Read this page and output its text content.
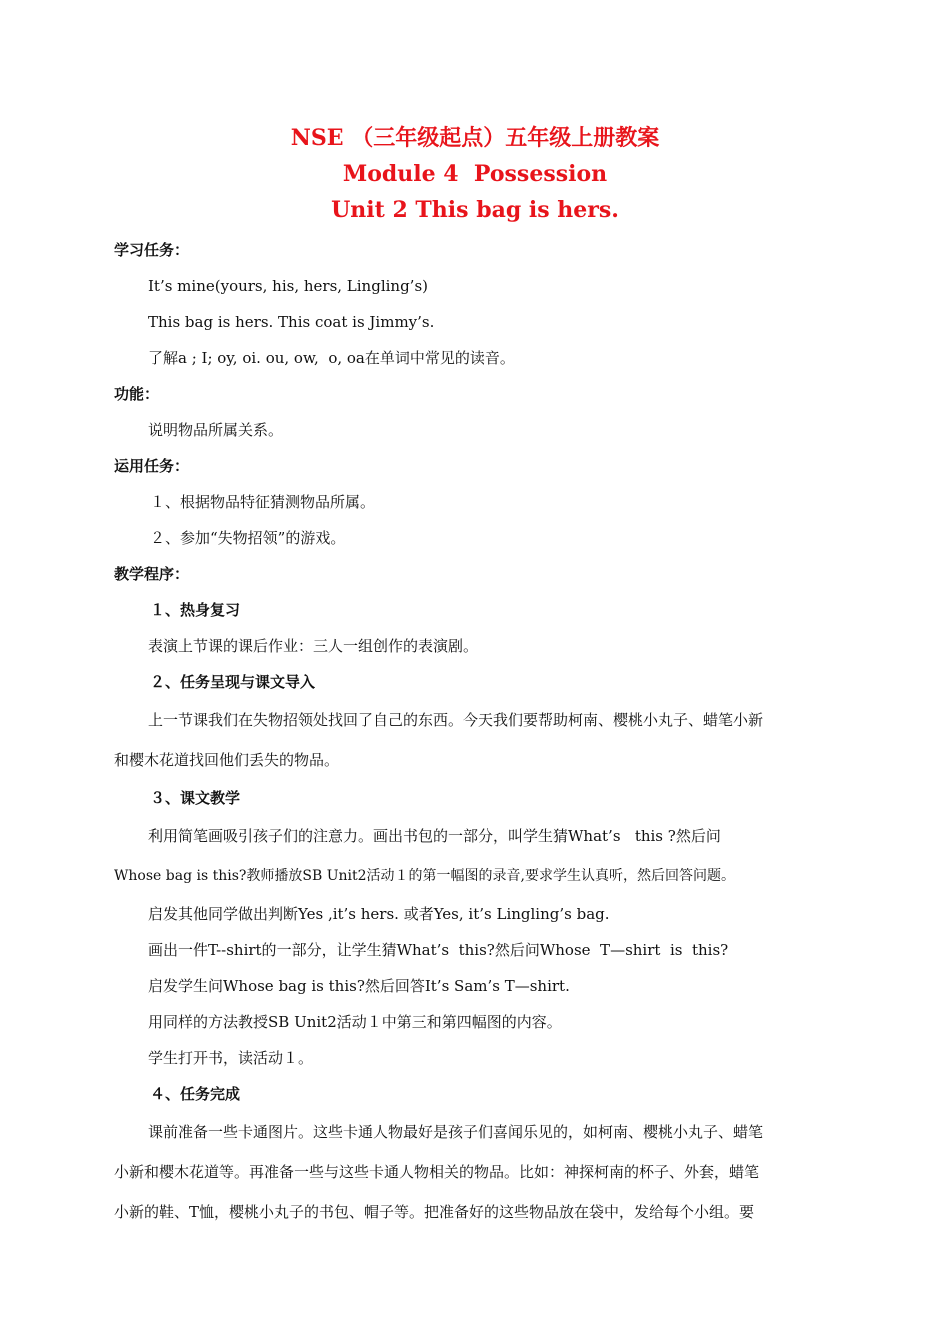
NSE （三年级起点）五年级上册教案
Module 4  Possession
Unit 2 This bag is hers.
学习任务：
It’s mine(yours, his, hers, Lingling’s)
This bag is hers. This coat is Jimmy’s.
了解a ; I; oy, oi. ou, ow,  o, oa在单词中常见的读音。
功能：
说明物品所属关系。
运用任务：
１、根据物品特征猜测物品所属。
２、参加“失物招领”的游戏。
教学程序：
１、热身复习
表演上节课的课后作业：三人一组创作的表演剧。
２、任务呈现与课文导入
上一节课我们在失物招领处找回了自己的东西。今天我们要帮助柯南、樱桃小丸子、蜡笔小新
和樱木花道找回他们丢失的物品。
３、课文教学
利用简笔画吸引孩子们的注意力。画出书包的一部分，叫学生猜What’s   this ?然后问
Whose bag is this?教师播放SB Unit2活动１的第一幅图的录音,要求学生认真听，然后回答问题。
启发其他同学做出判断Yes ,it’s hers. 或者Yes, it’s Lingling’s bag.
画出一件T--shirt的一部分，让学生猜What’s  this?然后问Whose  T—shirt  is  this?
启发学生问Whose bag is this?然后回答It’s Sam’s T—shirt.
用同样的方法教授SB Unit2活动１中第三和第四幅图的内容。
学生打开书，读活动１。
４、任务完成
课前准备一些卡通图片。这些卡通人物最好是孩子们喜闻乐见的，如柯南、樱桃小丸子、蜡笔
小新和樱木花道等。再准备一些与这些卡通人物相关的物品。比如：神探柯南的杯子、外套，蜡笔
小新的鞋、T恤，樱桃小丸子的书包、帽子等。把准备好的这些物品放在袋中，发给每个小组。要
